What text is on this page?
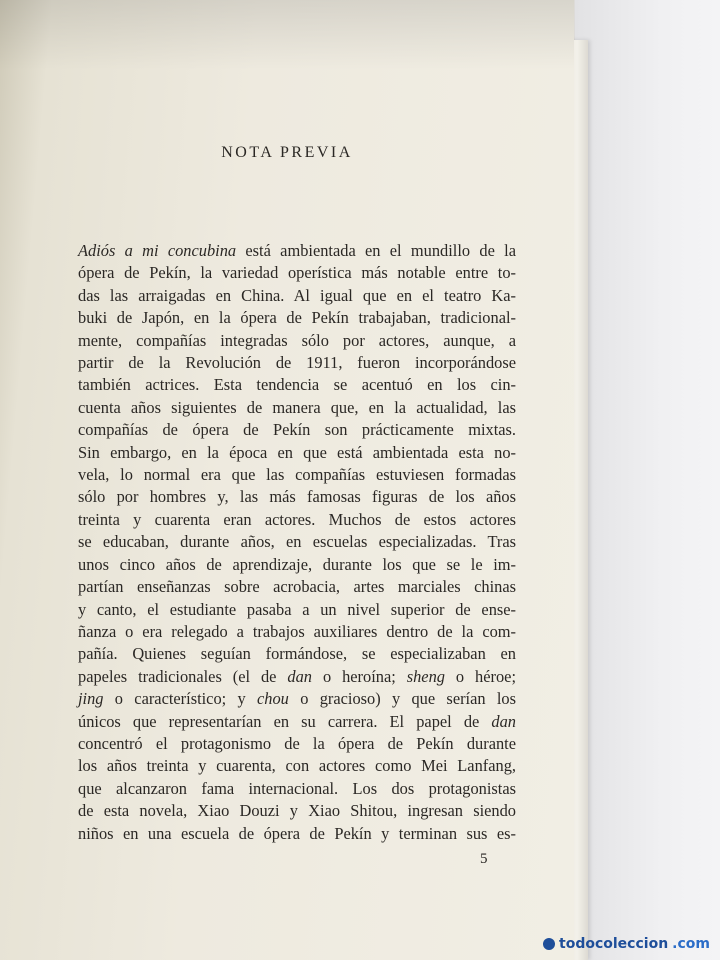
NOTA PREVIA
Adiós a mi concubina está ambientada en el mundillo de la
ópera de Pekín, la variedad operística más notable entre to-
das las arraigadas en China. Al igual que en el teatro Ka-
buki de Japón, en la ópera de Pekín trabajaban, tradicional-
mente, compañías integradas sólo por actores, aunque, a
partir de la Revolución de 1911, fueron incorporándose
también actrices. Esta tendencia se acentuó en los cin-
cuenta años siguientes de manera que, en la actualidad, las
compañías de ópera de Pekín son prácticamente mixtas.
Sin embargo, en la época en que está ambientada esta no-
vela, lo normal era que las compañías estuviesen formadas
sólo por hombres y, las más famosas figuras de los años
treinta y cuarenta eran actores. Muchos de estos actores
se educaban, durante años, en escuelas especializadas. Tras
unos cinco años de aprendizaje, durante los que se le im-
partían enseñanzas sobre acrobacia, artes marciales chinas
y canto, el estudiante pasaba a un nivel superior de ense-
ñanza o era relegado a trabajos auxiliares dentro de la com-
pañía. Quienes seguían formándose, se especializaban en
papeles tradicionales (el de dan o heroína; sheng o héroe;
jing o característico; y chou o gracioso) y que serían los
únicos que representarían en su carrera. El papel de dan
concentró el protagonismo de la ópera de Pekín durante
los años treinta y cuarenta, con actores como Mei Lanfang,
que alcanzaron fama internacional. Los dos protagonistas
de esta novela, Xiao Douzi y Xiao Shitou, ingresan siendo
niños en una escuela de ópera de Pekín y terminan sus es-
5
todocoleccion .com
